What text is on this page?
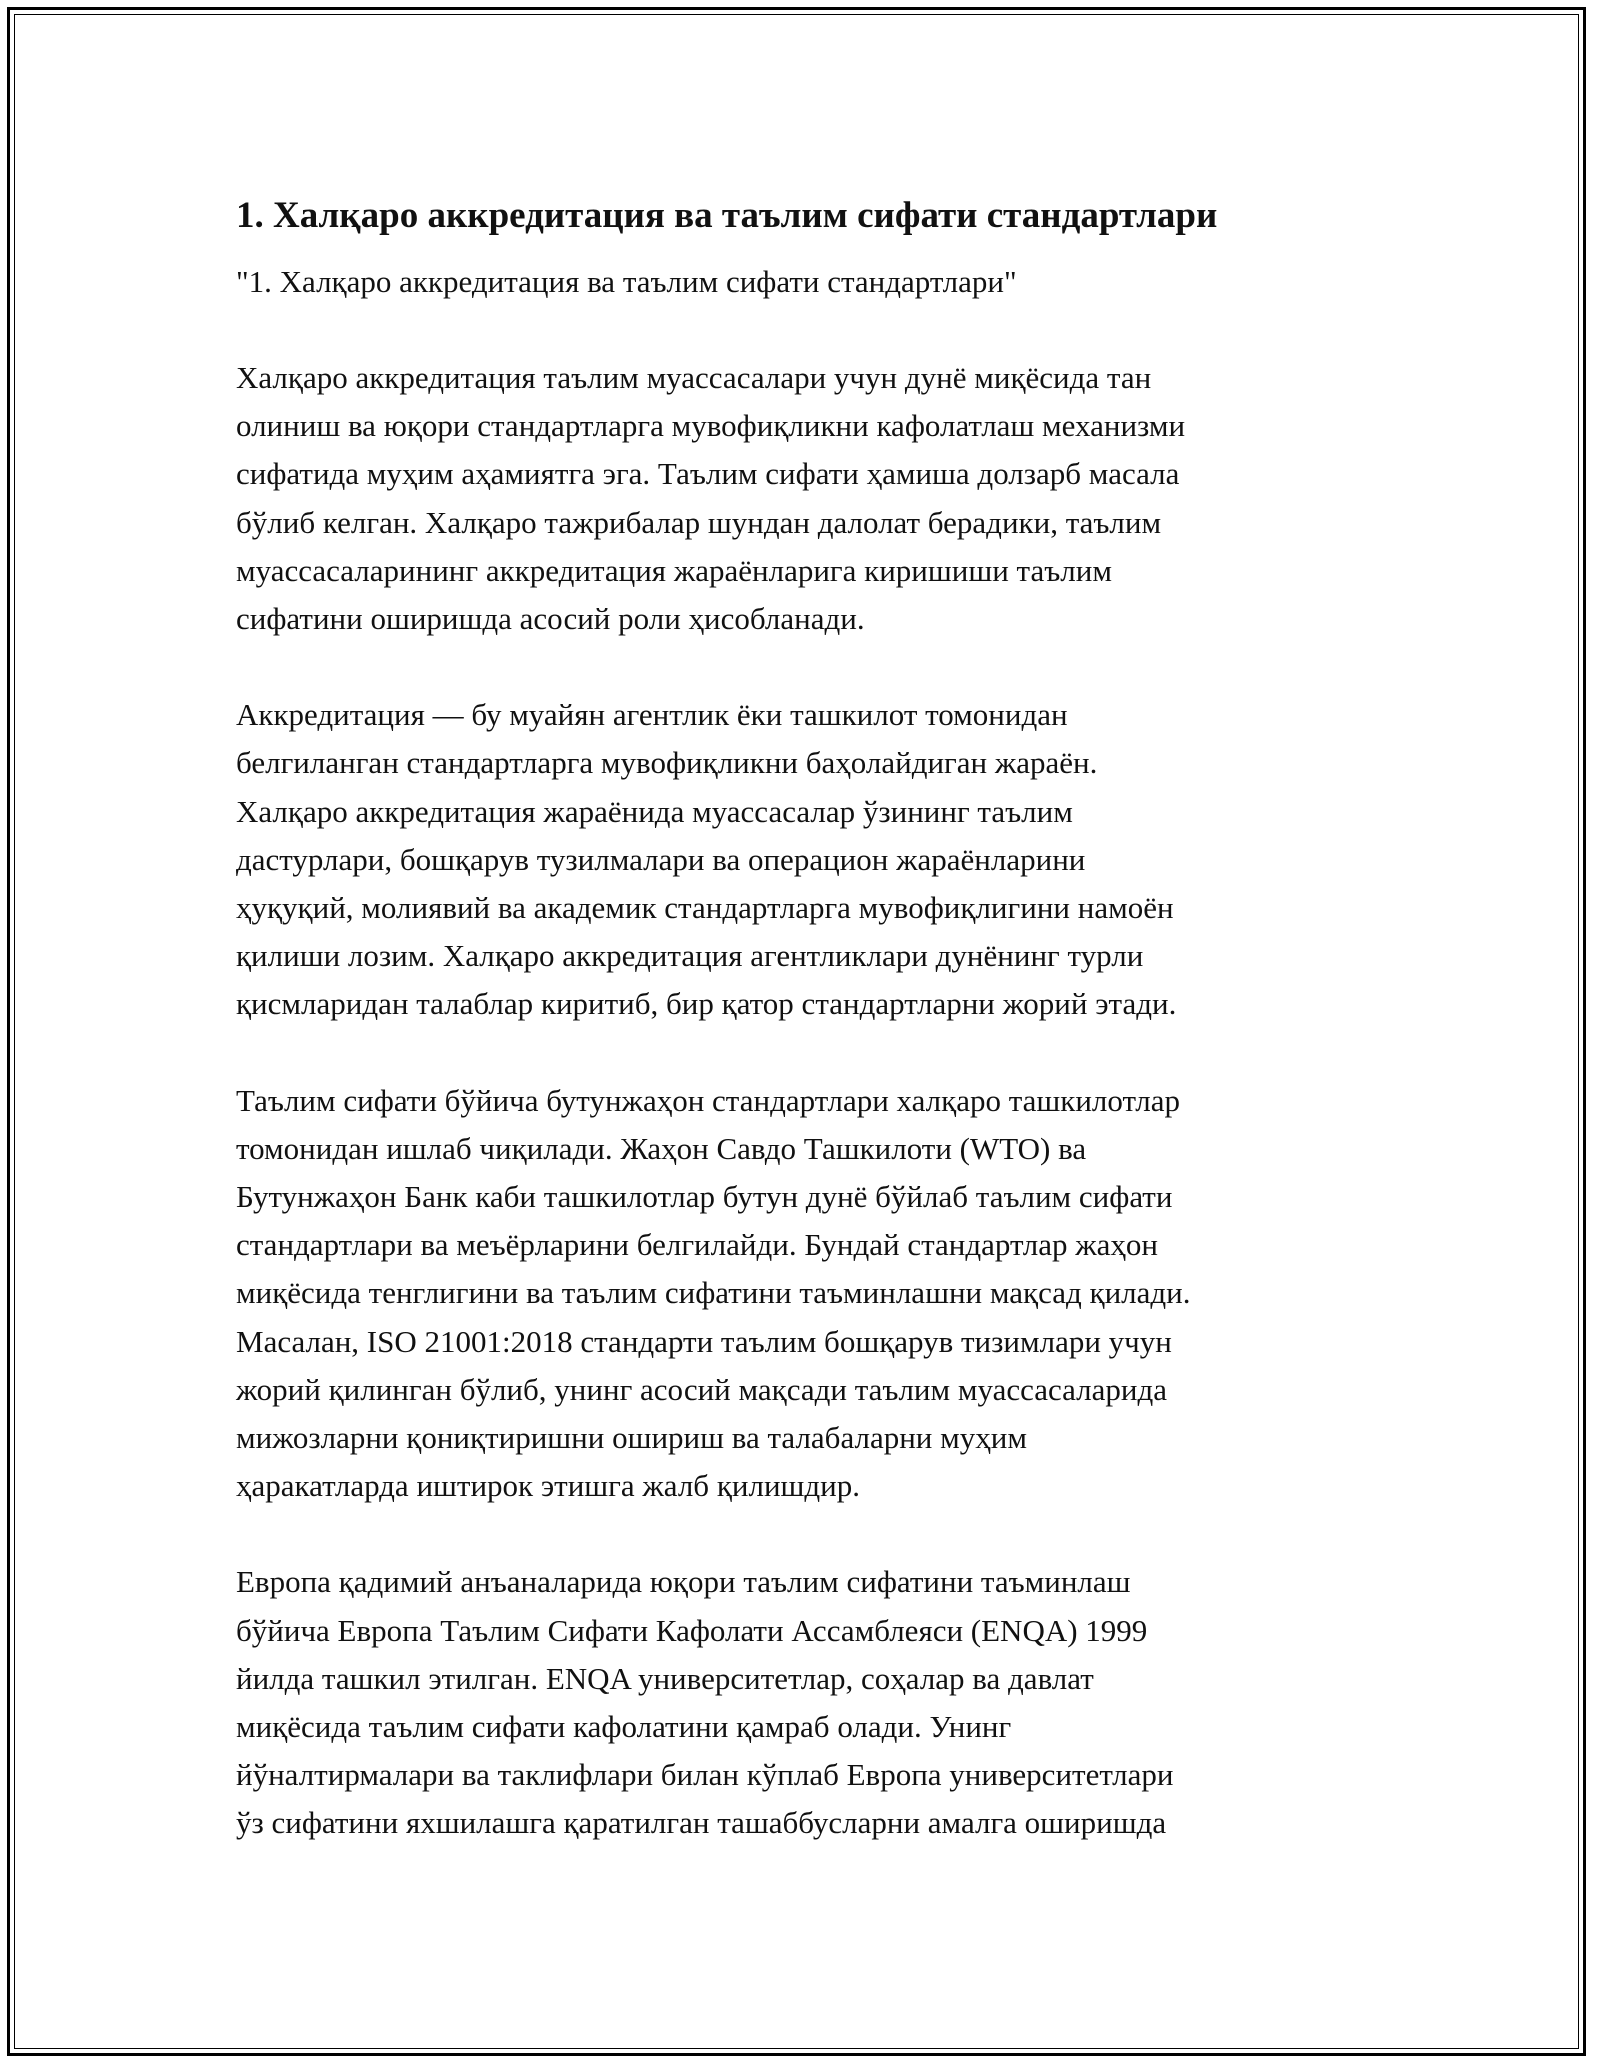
1. Халқаро аккредитация ва таълим сифати стандартлари

"1. Халқаро аккредитация ва таълим сифати стандартлари"

Халқаро аккредитация таълим муассасалари учун дунё миқёсида тан
олиниш ва юқори стандартларга мувофиқликни кафолатлаш механизми
сифатида муҳим аҳамиятга эга. Таълим сифати ҳамиша долзарб масала
бўлиб келган. Халқаро тажрибалар шундан далолат берадики, таълим
муассасаларининг аккредитация жараёнларига киришиши таълим
сифатини оширишда асосий роли ҳисобланади.

Аккредитация — бу муайян агентлик ёки ташкилот томонидан
белгиланган стандартларга мувофиқликни баҳолайдиган жараён.
Халқаро аккредитация жараёнида муассасалар ўзининг таълим
дастурлари, бошқарув тузилмалари ва операцион жараёнларини
ҳуқуқий, молиявий ва академик стандартларга мувофиқлигини намоён
қилиши лозим. Халқаро аккредитация агентликлари дунёнинг турли
қисмларидан талаблар киритиб, бир қатор стандартларни жорий этади.

Таълим сифати бўйича бутунжаҳон стандартлари халқаро ташкилотлар
томонидан ишлаб чиқилади. Жаҳон Савдо Ташкилоти (WTO) ва
Бутунжаҳон Банк каби ташкилотлар бутун дунё бўйлаб таълим сифати
стандартлари ва меъёрларини белгилайди. Бундай стандартлар жаҳон
миқёсида тенглигини ва таълим сифатини таъминлашни мақсад қилади.
Масалан, ISO 21001:2018 стандарти таълим бошқарув тизимлари учун
жорий қилинган бўлиб, унинг асосий мақсади таълим муассасаларида
мижозларни қониқтиришни ошириш ва талабаларни муҳим
ҳаракатларда иштирок этишга жалб қилишдир.

Европа қадимий анъаналарида юқори таълим сифатини таъминлаш
бўйича Европа Таълим Сифати Кафолати Ассамблеяси (ENQA) 1999
йилда ташкил этилган. ENQA университетлар, соҳалар ва давлат
миқёсида таълим сифати кафолатини қамраб олади. Унинг
йўналтирмалари ва таклифлари билан кўплаб Европа университетлари
ўз сифатини яхшилашга қаратилган ташаббусларни амалга оширишда
